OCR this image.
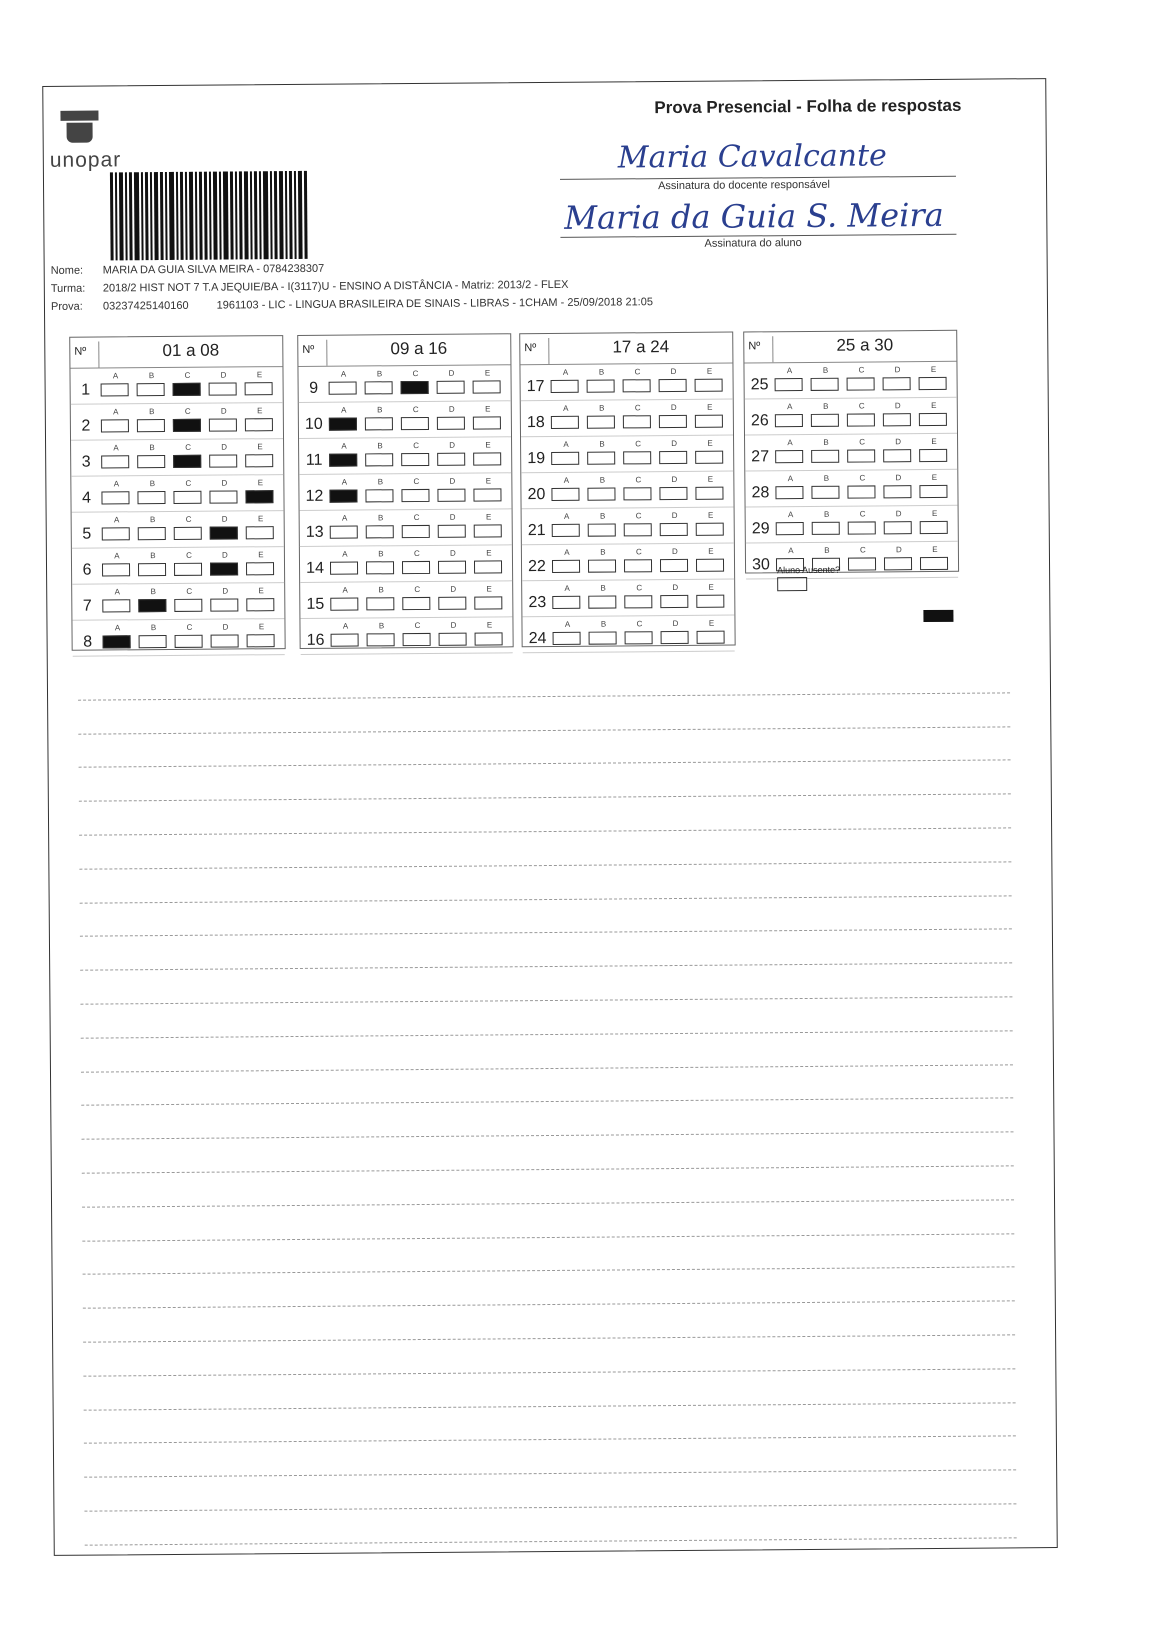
unopar
Prova Presencial - Folha de respostas
Maria Cavalcante
Assinatura do docente responsável
Maria da Guia S. Meira
Assinatura do aluno
Nome: MARIA DA GUIA SILVA MEIRA - 0784238307
Turma: 2018/2 HIST NOT 7 T.A JEQUIE/BA - I(3117)U - ENSINO A DISTÂNCIA - Matriz: 2013/2 - FLEX
Prova: 03237425140160	1961103 - LIC - LINGUA BRASILEIRA DE SINAIS - LIBRAS - 1CHAM - 25/09/2018 21:05
Nº	01 a 08
1
A	B	C	D	E
2
A	B	C	D	E
3
A	B	C	D	E
4
A	B	C	D	E
5
A	B	C	D	E
6
A	B	C	D	E
7
A	B	C	D	E
8
A	B	C	D	E
Nº	09 a 16
9
A	B	C	D	E
10
A	B	C	D	E
11
A	B	C	D	E
12
A	B	C	D	E
13
A	B	C	D	E
14
A	B	C	D	E
15
A	B	C	D	E
16
A	B	C	D	E
Nº	17 a 24
17
A	B	C	D	E
18
A	B	C	D	E
19
A	B	C	D	E
20
A	B	C	D	E
21
A	B	C	D	E
22
A	B	C	D	E
23
A	B	C	D	E
24
A	B	C	D	E
Nº	25 a 30
25
A	B	C	D	E
26
A	B	C	D	E
27
A	B	C	D	E
28
A	B	C	D	E
29
A	B	C	D	E
30
A	B	C	D	E
Aluno Ausente?
